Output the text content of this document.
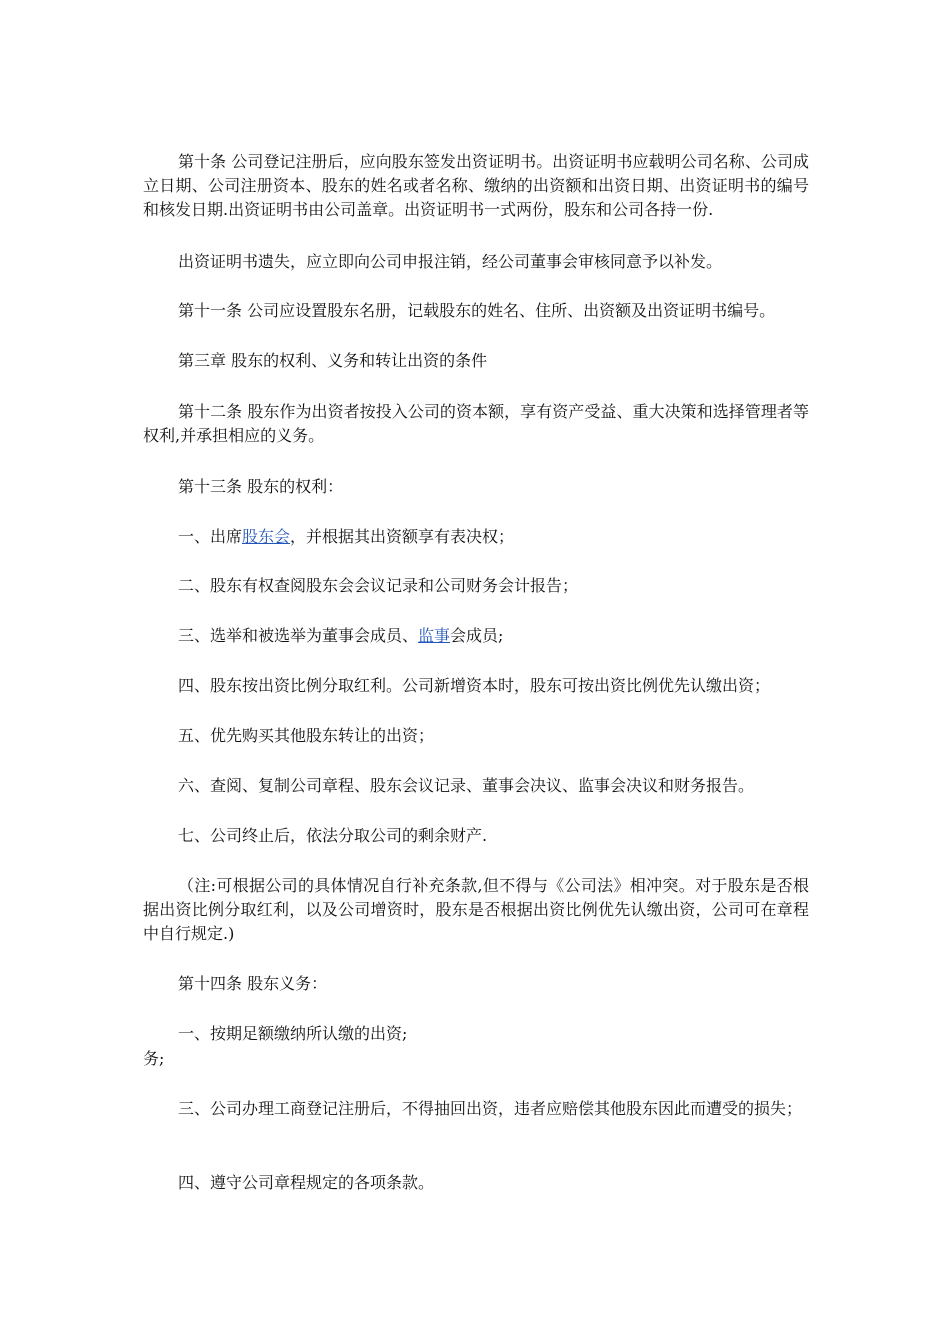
第十条 公司登记注册后，应向股东签发出资证明书。出资证明书应载明公司名称、公司成立日期、公司注册资本、股东的姓名或者名称、缴纳的出资额和出资日期、出资证明书的编号和核发日期.出资证明书由公司盖章。出资证明书一式两份，股东和公司各持一份.

出资证明书遗失，应立即向公司申报注销，经公司董事会审核同意予以补发。

第十一条 公司应设置股东名册，记载股东的姓名、住所、出资额及出资证明书编号。

第三章 股东的权利、义务和转让出资的条件

第十二条 股东作为出资者按投入公司的资本额，享有资产受益、重大决策和选择管理者等权利,并承担相应的义务。

第十三条 股东的权利：

一、出席股东会，并根据其出资额享有表决权；

二、股东有权查阅股东会会议记录和公司财务会计报告；

三、选举和被选举为董事会成员、监事会成员;

四、股东按出资比例分取红利。公司新增资本时，股东可按出资比例优先认缴出资；

五、优先购买其他股东转让的出资；

六、查阅、复制公司章程、股东会议记录、董事会决议、监事会决议和财务报告。

七、公司终止后，依法分取公司的剩余财产.

（注:可根据公司的具体情况自行补充条款,但不得与《公司法》相冲突。对于股东是否根据出资比例分取红利，以及公司增资时，股东是否根据出资比例优先认缴出资，公司可在章程中自行规定.)

第十四条 股东义务：

一、按期足额缴纳所认缴的出资;

务;

三、公司办理工商登记注册后，不得抽回出资，违者应赔偿其他股东因此而遭受的损失；

四、遵守公司章程规定的各项条款。
